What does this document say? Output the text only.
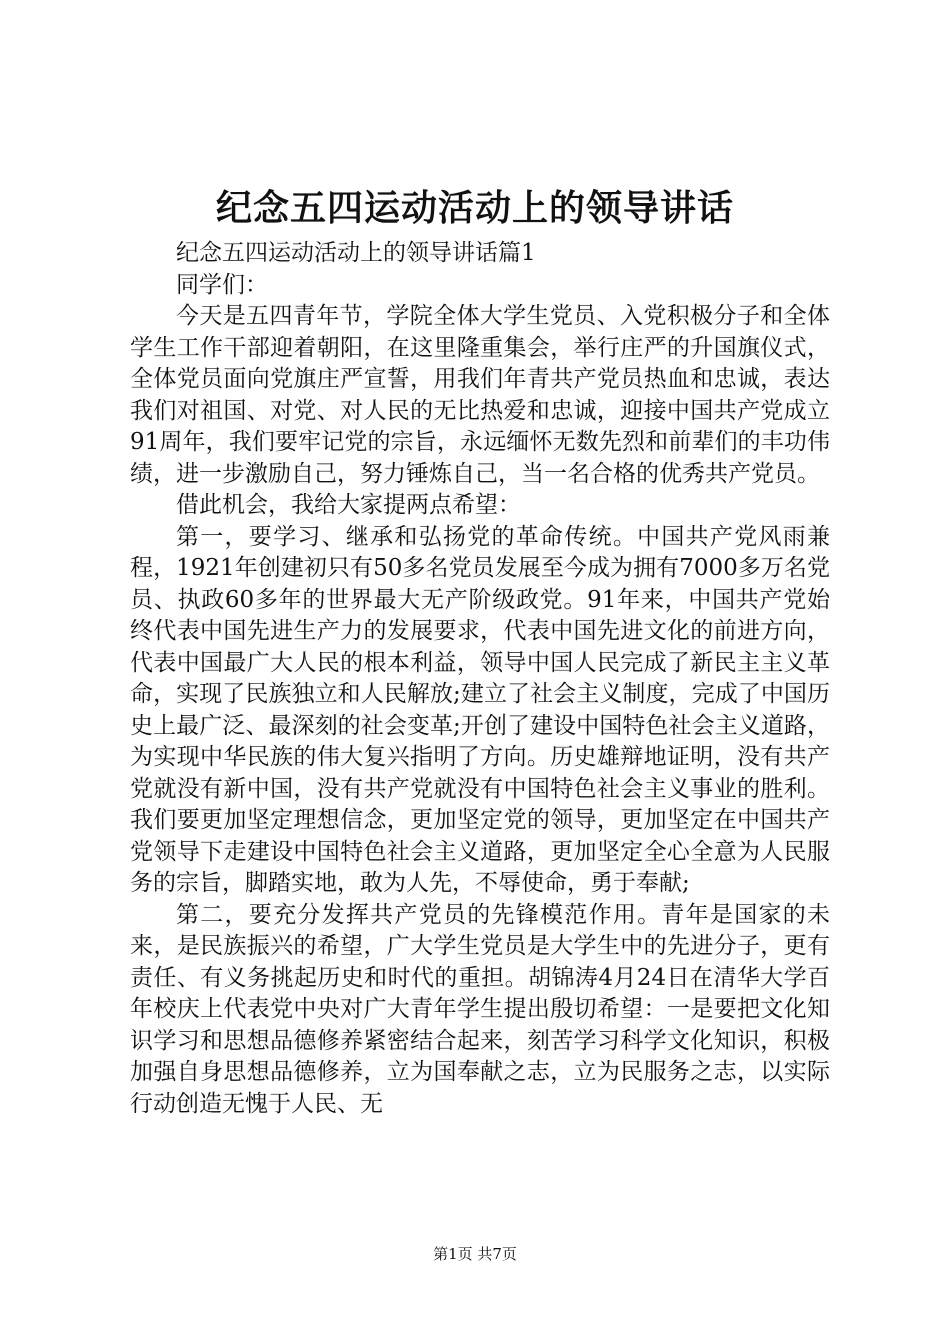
纪念五四运动活动上的领导讲话

纪念五四运动活动上的领导讲话篇1

同学们：

今天是五四青年节，学院全体大学生党员、入党积极分子和全体学生工作干部迎着朝阳，在这里隆重集会，举行庄严的升国旗仪式，全体党员面向党旗庄严宣誓，用我们年青共产党员热血和忠诚，表达我们对祖国、对党、对人民的无比热爱和忠诚，迎接中国共产党成立91周年，我们要牢记党的宗旨，永远缅怀无数先烈和前辈们的丰功伟绩，进一步激励自己，努力锤炼自己，当一名合格的优秀共产党员。

借此机会，我给大家提两点希望：

第一，要学习、继承和弘扬党的革命传统。中国共产党风雨兼程，1921年创建初只有50多名党员发展至今成为拥有7000多万名党员、执政60多年的世界最大无产阶级政党。91年来，中国共产党始终代表中国先进生产力的发展要求，代表中国先进文化的前进方向，代表中国最广大人民的根本利益，领导中国人民完成了新民主主义革命，实现了民族独立和人民解放;建立了社会主义制度，完成了中国历史上最广泛、最深刻的社会变革;开创了建设中国特色社会主义道路，为实现中华民族的伟大复兴指明了方向。历史雄辩地证明，没有共产党就没有新中国，没有共产党就没有中国特色社会主义事业的胜利。我们要更加坚定理想信念，更加坚定党的领导，更加坚定在中国共产党领导下走建设中国特色社会主义道路，更加坚定全心全意为人民服务的宗旨，脚踏实地，敢为人先，不辱使命，勇于奉献;

第二，要充分发挥共产党员的先锋模范作用。青年是国家的未来，是民族振兴的希望，广大学生党员是大学生中的先进分子，更有责任、有义务挑起历史和时代的重担。胡锦涛4月24日在清华大学百年校庆上代表党中央对广大青年学生提出殷切希望：一是要把文化知识学习和思想品德修养紧密结合起来，刻苦学习科学文化知识，积极加强自身思想品德修养，立为国奉献之志，立为民服务之志，以实际行动创造无愧于人民、无

第1页 共7页
